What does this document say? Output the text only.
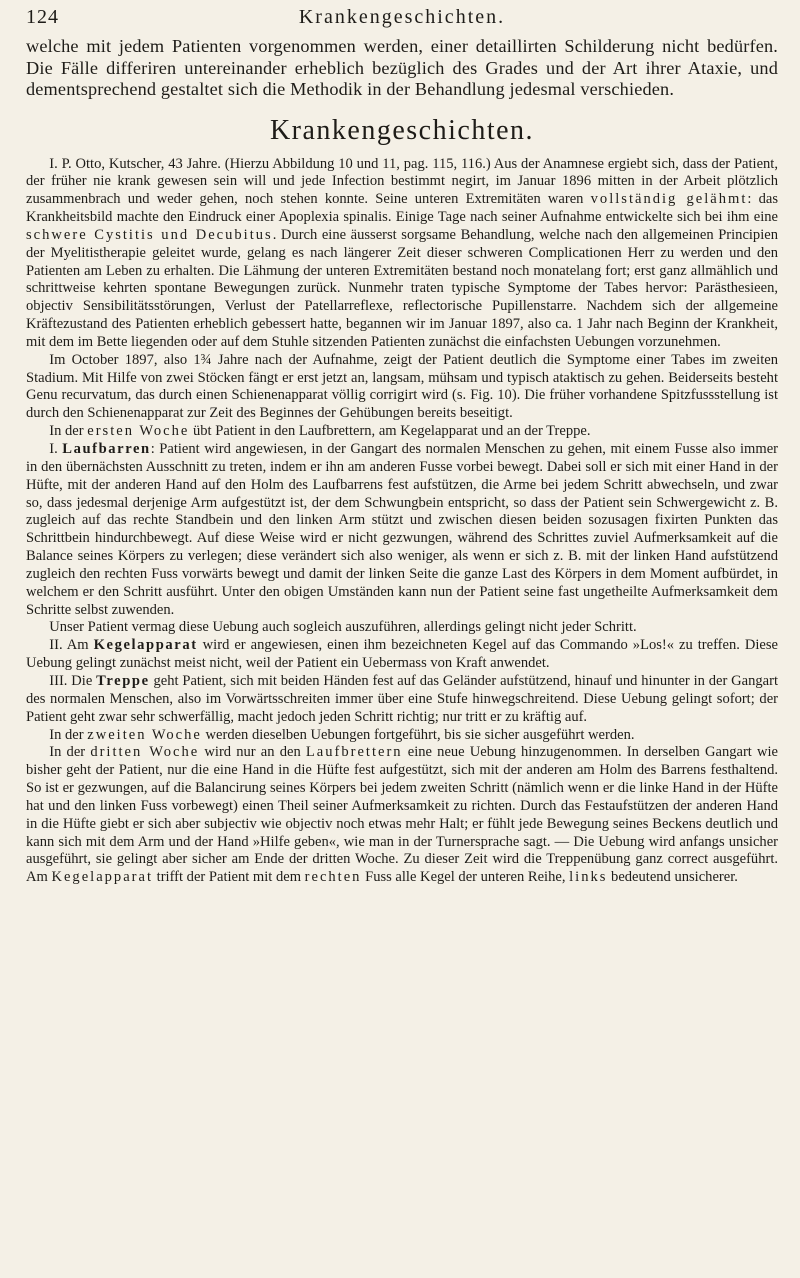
124	Krankengeschichten.

welche mit jedem Patienten vorgenommen werden, einer detaillirten Schilderung nicht bedürfen. Die Fälle differiren untereinander erheblich bezüglich des Grades und der Art ihrer Ataxie, und dementsprechend gestaltet sich die Methodik in der Behandlung jedesmal verschieden.

Krankengeschichten.

I. P. Otto, Kutscher, 43 Jahre. (Hierzu Abbildung 10 und 11, pag. 115, 116.) Aus der Anamnese ergiebt sich, dass der Patient, der früher nie krank gewesen sein will und jede Infection bestimmt negirt, im Januar 1896 mitten in der Arbeit plötzlich zusammenbrach und weder gehen, noch stehen konnte. Seine unteren Extremitäten waren vollständig gelähmt: das Krankheitsbild machte den Eindruck einer Apoplexia spinalis. Einige Tage nach seiner Aufnahme entwickelte sich bei ihm eine schwere Cystitis und Decubitus. Durch eine äusserst sorgsame Behandlung, welche nach den allgemeinen Principien der Myelitistherapie geleitet wurde, gelang es nach längerer Zeit dieser schweren Complicationen Herr zu werden und den Patienten am Leben zu erhalten. Die Lähmung der unteren Extremitäten bestand noch monatelang fort; erst ganz allmählich und schrittweise kehrten spontane Bewegungen zurück. Nunmehr traten typische Symptome der Tabes hervor: Parästhesieen, objectiv Sensibilitätsstörungen, Verlust der Patellarreflexe, reflectorische Pupillenstarre. Nachdem sich der allgemeine Kräftezustand des Patienten erheblich gebessert hatte, begannen wir im Januar 1897, also ca. 1 Jahr nach Beginn der Krankheit, mit dem im Bette liegenden oder auf dem Stuhle sitzenden Patienten zunächst die einfachsten Uebungen vorzunehmen.

Im October 1897, also 1¾ Jahre nach der Aufnahme, zeigt der Patient deutlich die Symptome einer Tabes im zweiten Stadium. Mit Hilfe von zwei Stöcken fängt er erst jetzt an, langsam, mühsam und typisch ataktisch zu gehen. Beiderseits besteht Genu recurvatum, das durch einen Schienenapparat völlig corrigirt wird (s. Fig. 10). Die früher vorhandene Spitzfussstellung ist durch den Schienenapparat zur Zeit des Beginnes der Gehübungen bereits beseitigt.

In der ersten Woche übt Patient in den Laufbrettern, am Kegelapparat und an der Treppe.

I. Laufbarren: Patient wird angewiesen, in der Gangart des normalen Menschen zu gehen, mit einem Fusse also immer in den übernächsten Ausschnitt zu treten, indem er ihn am anderen Fusse vorbei bewegt. Dabei soll er sich mit einer Hand in der Hüfte, mit der anderen Hand auf den Holm des Laufbarrens fest aufstützen, die Arme bei jedem Schritt abwechseln, und zwar so, dass jedesmal derjenige Arm aufgestützt ist, der dem Schwungbein entspricht, so dass der Patient sein Schwergewicht z. B. zugleich auf das rechte Standbein und den linken Arm stützt und zwischen diesen beiden sozusagen fixirten Punkten das Schrittbein hindurchbewegt. Auf diese Weise wird er nicht gezwungen, während des Schrittes zuviel Aufmerksamkeit auf die Balance seines Körpers zu verlegen; diese verändert sich also weniger, als wenn er sich z. B. mit der linken Hand aufstützend zugleich den rechten Fuss vorwärts bewegt und damit der linken Seite die ganze Last des Körpers in dem Moment aufbürdet, in welchem er den Schritt ausführt. Unter den obigen Umständen kann nun der Patient seine fast ungetheilte Aufmerksamkeit dem Schritte selbst zuwenden.

Unser Patient vermag diese Uebung auch sogleich auszuführen, allerdings gelingt nicht jeder Schritt.

II. Am Kegelapparat wird er angewiesen, einen ihm bezeichneten Kegel auf das Commando »Los!« zu treffen. Diese Uebung gelingt zunächst meist nicht, weil der Patient ein Uebermass von Kraft anwendet.

III. Die Treppe geht Patient, sich mit beiden Händen fest auf das Geländer aufstützend, hinauf und hinunter in der Gangart des normalen Menschen, also im Vorwärtsschreiten immer über eine Stufe hinwegschreitend. Diese Uebung gelingt sofort; der Patient geht zwar sehr schwerfällig, macht jedoch jeden Schritt richtig; nur tritt er zu kräftig auf.

In der zweiten Woche werden dieselben Uebungen fortgeführt, bis sie sicher ausgeführt werden.

In der dritten Woche wird nur an den Laufbrettern eine neue Uebung hinzugenommen. In derselben Gangart wie bisher geht der Patient, nur die eine Hand in die Hüfte fest aufgestützt, sich mit der anderen am Holm des Barrens festhaltend. So ist er gezwungen, auf die Balancirung seines Körpers bei jedem zweiten Schritt (nämlich wenn er die linke Hand in der Hüfte hat und den linken Fuss vorbewegt) einen Theil seiner Aufmerksamkeit zu richten. Durch das Festaufstützen der anderen Hand in die Hüfte giebt er sich aber subjectiv wie objectiv noch etwas mehr Halt; er fühlt jede Bewegung seines Beckens deutlich und kann sich mit dem Arm und der Hand »Hilfe geben«, wie man in der Turnersprache sagt. — Die Uebung wird anfangs unsicher ausgeführt, sie gelingt aber sicher am Ende der dritten Woche. Zu dieser Zeit wird die Treppenübung ganz correct ausgeführt. Am Kegelapparat trifft der Patient mit dem rechten Fuss alle Kegel der unteren Reihe, links bedeutend unsicherer.
